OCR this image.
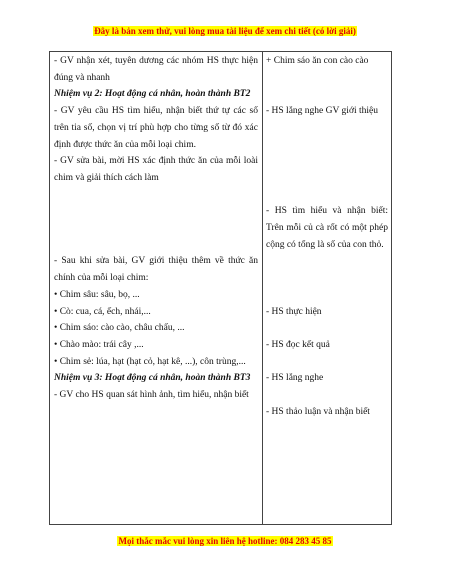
Đây là bản xem thử, vui lòng mua tài liệu để xem chi tiết (có lời giải)

- GV nhận xét, tuyên dương các nhóm HS thực hiện đúng và nhanh

Nhiệm vụ 2: Hoạt động cá nhân, hoàn thành BT2

- GV yêu cầu HS tìm hiểu, nhận biết thứ tự các số trên tia số, chọn vị trí phù hợp cho từng số từ đó xác định được thức ăn của mỗi loại chim.

- GV sửa bài, mời HS xác định thức ăn của mỗi loài chim và giải thích cách làm

- Sau khi sửa bài, GV giới thiệu thêm về thức ăn chính của mỗi loại chim:

• Chim sâu: sâu, bọ, ...

• Cò: cua, cá, ếch, nhái,...

• Chim sáo: cào cào, châu chấu, ...

• Chào mào: trái cây ,...

• Chim sẻ: lúa, hạt (hạt cỏ, hạt kê, ...), côn trùng,...

Nhiệm vụ 3: Hoạt động cá nhân, hoàn thành BT3

- GV cho HS quan sát hình ảnh, tìm hiểu, nhận biết

+ Chim sáo ăn con cào cào

- HS lắng nghe GV giới thiệu

- HS tìm hiểu và nhận biết: Trên mỗi củ cà rốt có một phép cộng có tổng là số của con thỏ.

- HS thực hiện

- HS đọc kết quả

- HS lắng nghe

- HS thảo luận và nhận biết

Mọi thắc mắc vui lòng xin liên hệ hotline: 084 283 45 85
